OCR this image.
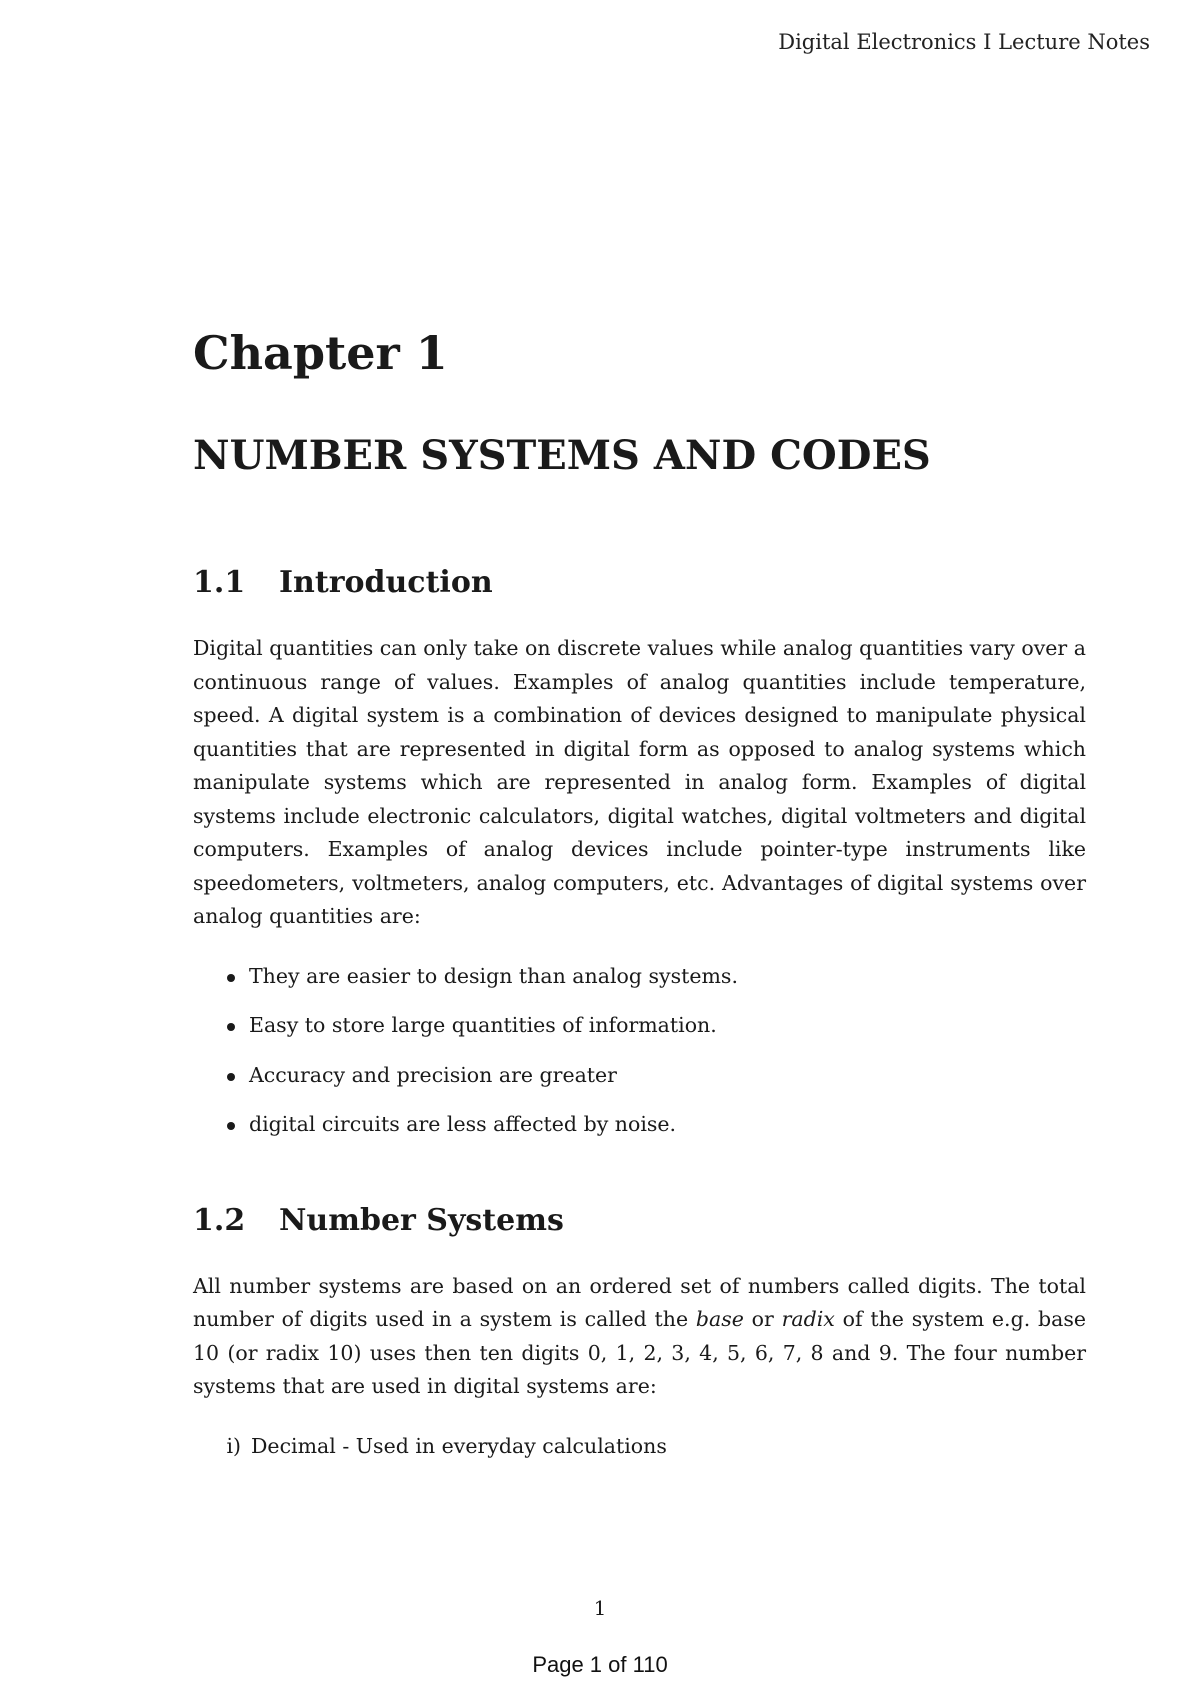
Digital Electronics I Lecture Notes
Chapter 1
NUMBER SYSTEMS AND CODES
1.1	Introduction

Digital quantities can only take on discrete values while analog quantities vary over a continuous range of values. Examples of analog quantities include temperature, speed. A digital system is a combination of devices designed to manipulate physical quantities that are represented in digital form as opposed to analog systems which manipulate systems which are represented in analog form. Examples of digital systems include electronic calculators, digital watches, digital voltmeters and digital computers. Examples of analog devices include pointer-type instruments like speedometers, voltmeters, analog computers, etc. Advantages of digital systems over analog quantities are:

They are easier to design than analog systems.
Easy to store large quantities of information.
Accuracy and precision are greater
digital circuits are less affected by noise.
1.2	Number Systems

All number systems are based on an ordered set of numbers called digits. The total number of digits used in a system is called the base or radix of the system e.g. base 10 (or radix 10) uses then ten digits 0, 1, 2, 3, 4, 5, 6, 7, 8 and 9. The four number systems that are used in digital systems are:

i) Decimal - Used in everyday calculations
1
Page 1 of 110
